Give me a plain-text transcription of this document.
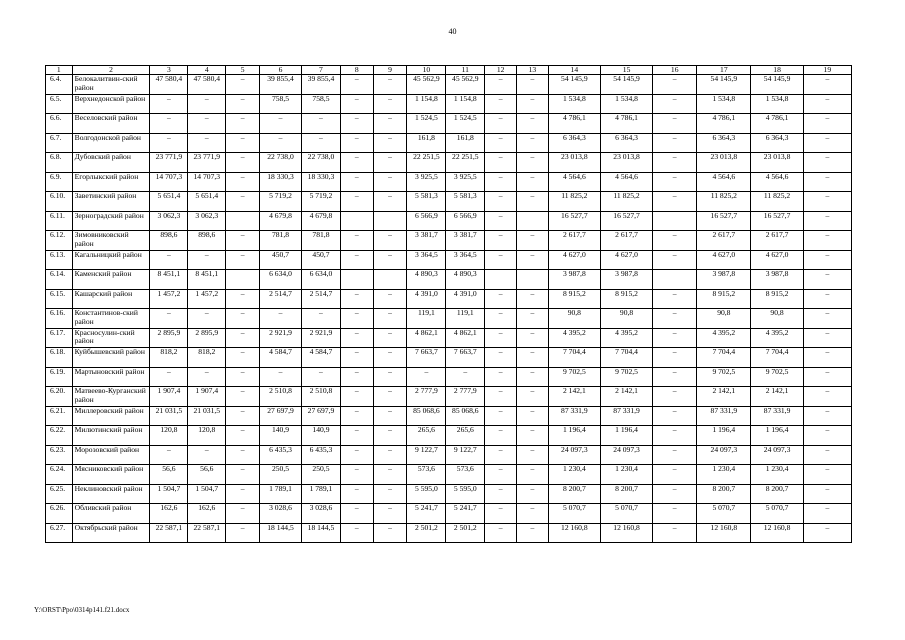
40
1	2	3	4	5	6	7	8	9	10	11	12	13	14	15	16	17	18	19
6.4.	Белокалитвин-ский район	47 580,4	47 580,4	–	39 855,4	39 855,4	–	–	45 562,9	45 562,9	–	–	54 145,9	54 145,9	–	54 145,9	54 145,9	–
6.5.	Верхнедонской район	–	–	–	758,5	758,5	–	–	1 154,8	1 154,8	–	–	1 534,8	1 534,8	–	1 534,8	1 534,8	–
6.6.	Веселовский район	–	–	–	–	–	–	–	1 524,5	1 524,5	–	–	4 786,1	4 786,1	–	4 786,1	4 786,1	–
6.7.	Волгодонской район	–	–	–	–	–	–	–	161,8	161,8	–	–	6 364,3	6 364,3	–	6 364,3	6 364,3	–
6.8.	Дубовский район	23 771,9	23 771,9	–	22 738,0	22 738,0	–	–	22 251,5	22 251,5	–	–	23 013,8	23 013,8	–	23 013,8	23 013,8	–
6.9.	Егорлыкский район	14 707,3	14 707,3	–	18 330,3	18 330,3	–	–	3 925,5	3 925,5	–	–	4 564,6	4 564,6	–	4 564,6	4 564,6	–
6.10.	Заветинский район	5 651,4	5 651,4	–	5 719,2	5 719,2	–	–	5 581,3	5 581,3	–	–	11 825,2	11 825,2	–	11 825,2	11 825,2	–
6.11.	Зерноградский район	3 062,3	3 062,3		4 679,8	4 679,8			6 566,9	6 566,9	–		16 527,7	16 527,7		16 527,7	16 527,7	–
6.12.	Зимовниковский район	898,6	898,6	–	781,8	781,8	–	–	3 381,7	3 381,7	–	–	2 617,7	2 617,7	–	2 617,7	2 617,7	–
6.13.	Кагальницкий район	–	–	–	450,7	450,7	–	–	3 364,5	3 364,5	–	–	4 627,0	4 627,0	–	4 627,0	4 627,0	–
6.14.	Каменский район	8 451,1	8 451,1		6 634,0	6 634,0			4 890,3	4 890,3			3 987,8	3 987,8		3 987,8	3 987,8	–
6.15.	Кашарский район	1 457,2	1 457,2	–	2 514,7	2 514,7	–	–	4 391,0	4 391,0	–	–	8 915,2	8 915,2	–	8 915,2	8 915,2	–
6.16.	Константинов-ский район	–	–	–	–	–	–	–	119,1	119,1	–	–	90,8	90,8	–	90,8	90,8	–
6.17.	Красносулин-ский район	2 895,9	2 895,9	–	2 921,9	2 921,9	–	–	4 862,1	4 862,1	–	–	4 395,2	4 395,2	–	4 395,2	4 395,2	–
6.18.	Куйбышевский район	818,2	818,2	–	4 584,7	4 584,7	–	–	7 663,7	7 663,7	–	–	7 704,4	7 704,4	–	7 704,4	7 704,4	–
6.19.	Мартыновский район	–	–	–	–	–	–	–	–	–	–	–	9 702,5	9 702,5	–	9 702,5	9 702,5	–
6.20.	Матвеево-Курганский район	1 907,4	1 907,4	–	2 510,8	2 510,8	–	–	2 777,9	2 777,9	–	–	2 142,1	2 142,1	–	2 142,1	2 142,1	–
6.21.	Миллеровский район	21 031,5	21 031,5	–	27 697,9	27 697,9	–	–	85 068,6	85 068,6	–	–	87 331,9	87 331,9	–	87 331,9	87 331,9	–
6.22.	Милютинский район	120,8	120,8	–	140,9	140,9	–	–	265,6	265,6	–	–	1 196,4	1 196,4	–	1 196,4	1 196,4	–
6.23.	Морозовский район	–	–	–	6 435,3	6 435,3	–	–	9 122,7	9 122,7	–	–	24 097,3	24 097,3	–	24 097,3	24 097,3	–
6.24.	Мясниковский район	56,6	56,6	–	250,5	250,5	–	–	573,6	573,6	–	–	1 230,4	1 230,4	–	1 230,4	1 230,4	–
6.25.	Неклиновский район	1 504,7	1 504,7	–	1 789,1	1 789,1	–	–	5 595,0	5 595,0	–	–	8 200,7	8 200,7	–	8 200,7	8 200,7	–
6.26.	Обливский район	162,6	162,6	–	3 028,6	3 028,6	–	–	5 241,7	5 241,7	–	–	5 070,7	5 070,7	–	5 070,7	5 070,7	–
6.27.	Октябрьский район	22 587,1	22 587,1	–	18 144,5	18 144,5	–	–	2 501,2	2 501,2	–	–	12 160,8	12 160,8	–	12 160,8	12 160,8	–
Y:\ORST\Ppo\0314p141.f21.docx
